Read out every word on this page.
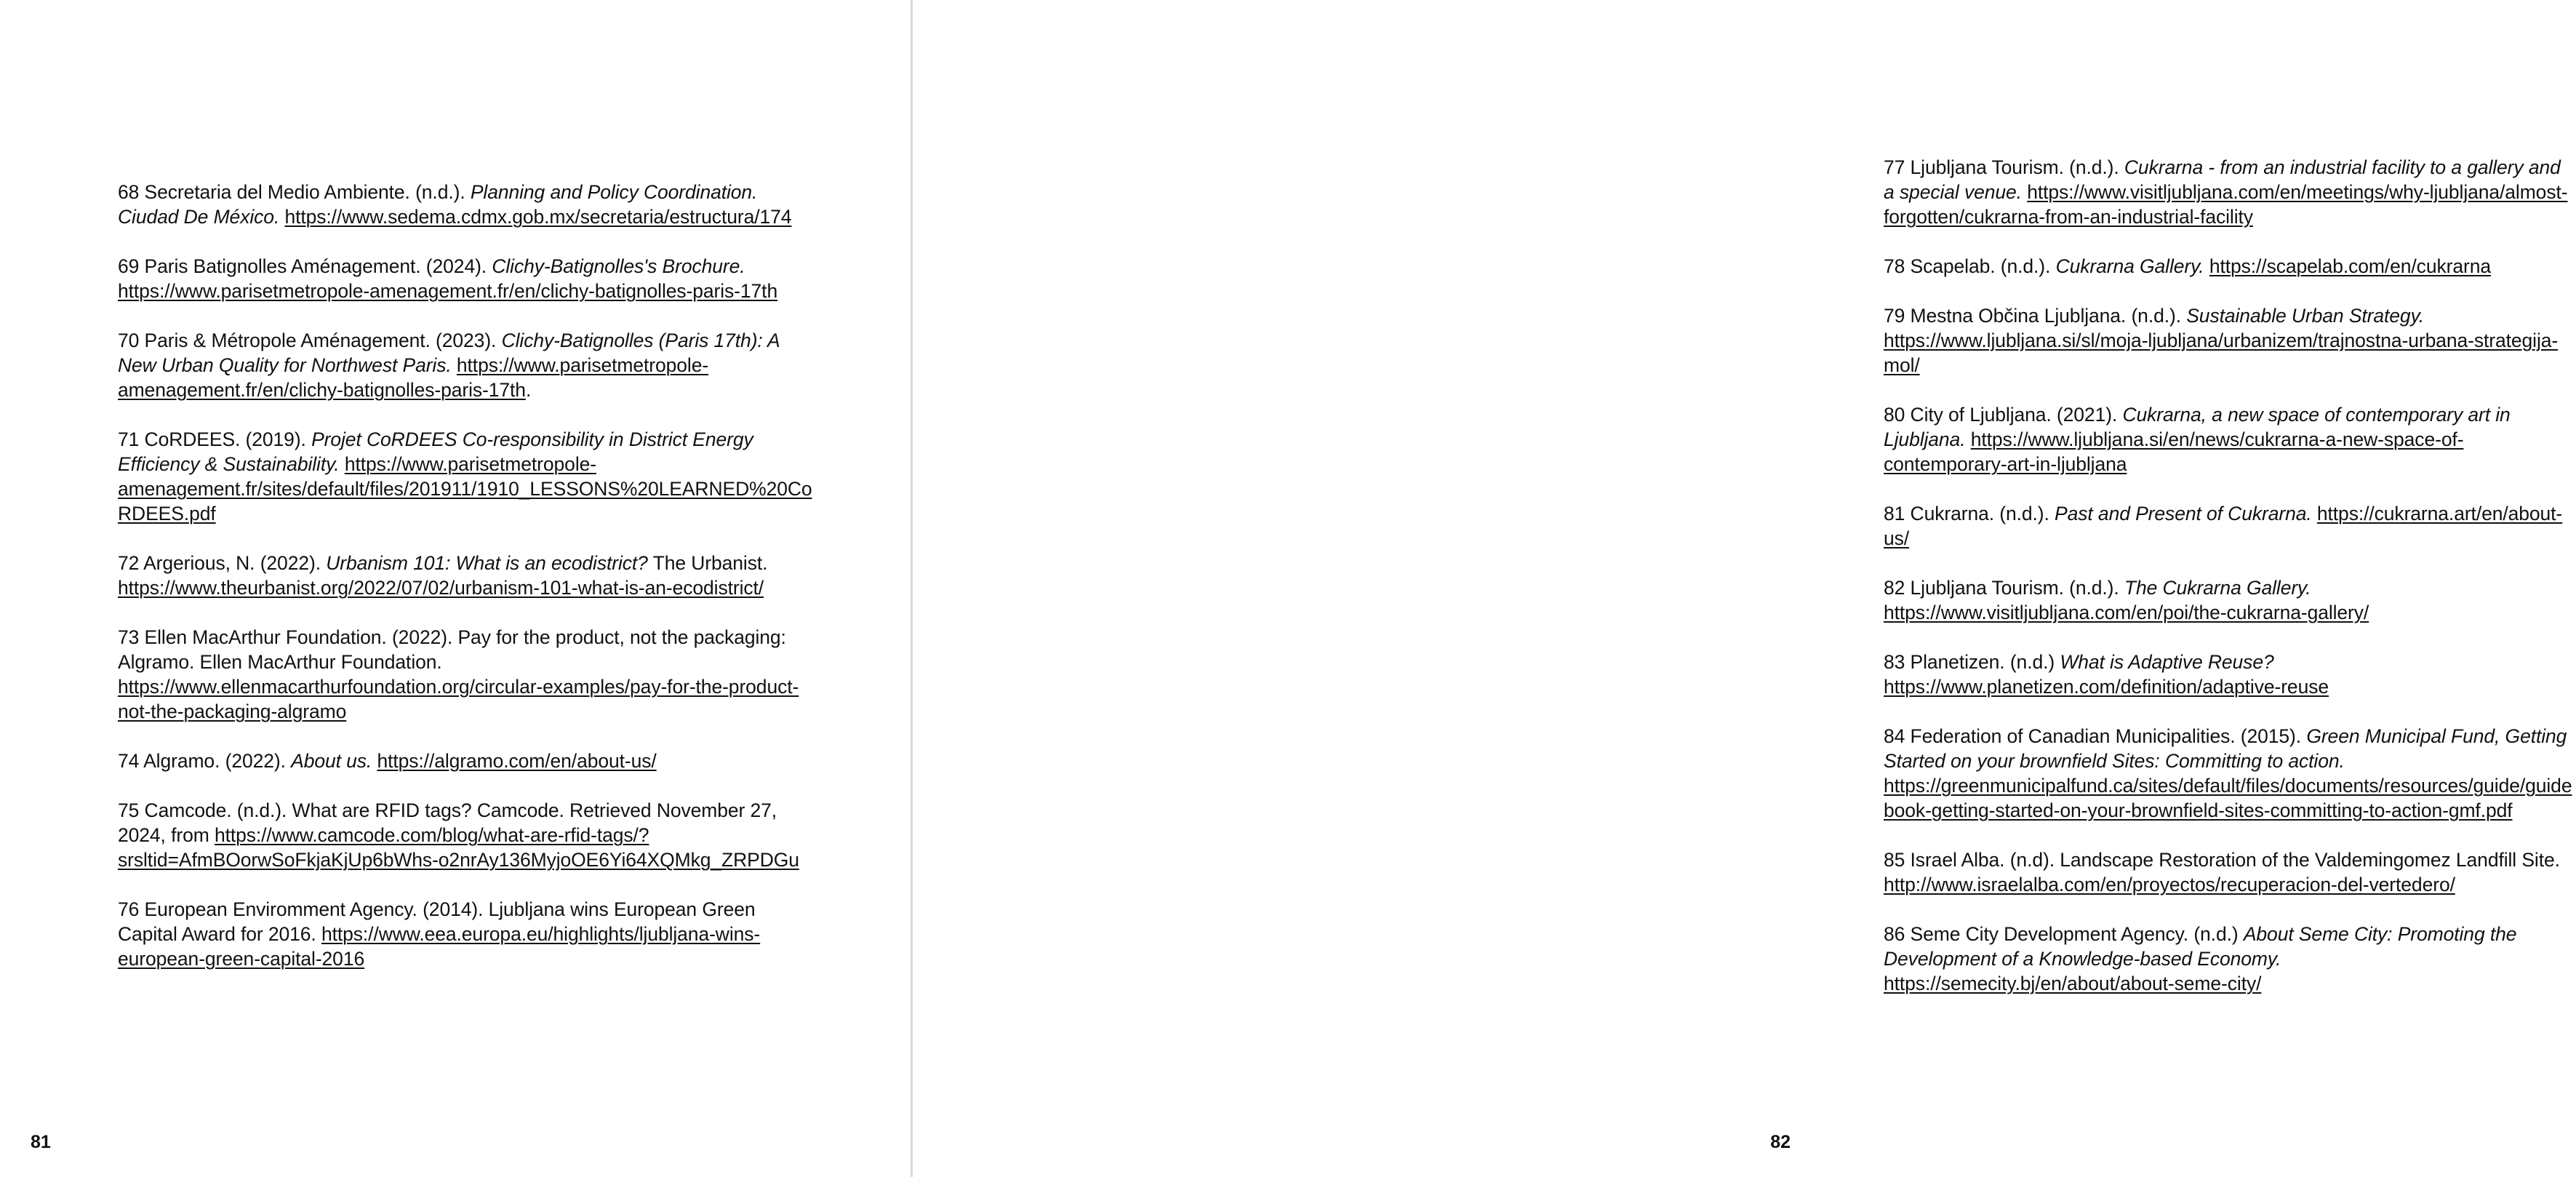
68 Secretaria del Medio Ambiente. (n.d.). Planning and Policy Coordination. Ciudad De México. https://www.sedema.cdmx.gob.mx/secretaria/estructura/174

69 Paris Batignolles Aménagement. (2024). Clichy-Batignolles's Brochure. https://www.parisetmetropole-amenagement.fr/en/clichy-batignolles-paris-17th

70 Paris & Métropole Aménagement. (2023). Clichy-Batignolles (Paris 17th): A New Urban Quality for Northwest Paris. https://www.parisetmetropole-amenagement.fr/en/clichy-batignolles-paris-17th.

71 CoRDEES. (2019). Projet CoRDEES Co-responsibility in District Energy Efficiency & Sustainability. https://www.parisetmetropole-amenagement.fr/sites/default/files/201911/1910_LESSONS%20LEARNED%20CoRDEES.pdf

72 Argerious, N. (2022). Urbanism 101: What is an ecodistrict? The Urbanist. https://www.theurbanist.org/2022/07/02/urbanism-101-what-is-an-ecodistrict/

73 Ellen MacArthur Foundation. (2022). Pay for the product, not the packaging: Algramo. Ellen MacArthur Foundation. https://www.ellenmacarthurfoundation.org/circular-examples/pay-for-the-product-not-the-packaging-algramo

74 Algramo. (2022). About us. https://algramo.com/en/about-us/

75 Camcode. (n.d.). What are RFID tags? Camcode. Retrieved November 27, 2024, from https://www.camcode.com/blog/what-are-rfid-tags/?srsltid=AfmBOorwSoFkjaKjUp6bWhs-o2nrAy136MyjoOE6Yi64XQMkg_ZRPDGu

76 European Enviromment Agency. (2014). Ljubljana wins European Green Capital Award for 2016. https://www.eea.europa.eu/highlights/ljubljana-wins-european-green-capital-2016

81

77 Ljubljana Tourism. (n.d.). Cukrarna - from an industrial facility to a gallery and a special venue. https://www.visitljubljana.com/en/meetings/why-ljubljana/almost-forgotten/cukrarna-from-an-industrial-facility

78 Scapelab. (n.d.). Cukrarna Gallery. https://scapelab.com/en/cukrarna

79 Mestna Občina Ljubljana. (n.d.). Sustainable Urban Strategy. https://www.ljubljana.si/sl/moja-ljubljana/urbanizem/trajnostna-urbana-strategija-mol/

80 City of Ljubljana. (2021). Cukrarna, a new space of contemporary art in Ljubljana. https://www.ljubljana.si/en/news/cukrarna-a-new-space-of-contemporary-art-in-ljubljana

81 Cukrarna. (n.d.). Past and Present of Cukrarna. https://cukrarna.art/en/about-us/

82 Ljubljana Tourism. (n.d.). The Cukrarna Gallery. https://www.visitljubljana.com/en/poi/the-cukrarna-gallery/

83 Planetizen. (n.d.) What is Adaptive Reuse? https://www.planetizen.com/definition/adaptive-reuse

84 Federation of Canadian Municipalities. (2015). Green Municipal Fund, Getting Started on your brownfield Sites: Committing to action. https://greenmunicipalfund.ca/sites/default/files/documents/resources/guide/guidebook-getting-started-on-your-brownfield-sites-committing-to-action-gmf.pdf

85 Israel Alba. (n.d). Landscape Restoration of the Valdemingomez Landfill Site. http://www.israelalba.com/en/proyectos/recuperacion-del-vertedero/

86 Seme City Development Agency. (n.d.) About Seme City: Promoting the Development of a Knowledge-based Economy. https://semecity.bj/en/about/about-seme-city/

82
